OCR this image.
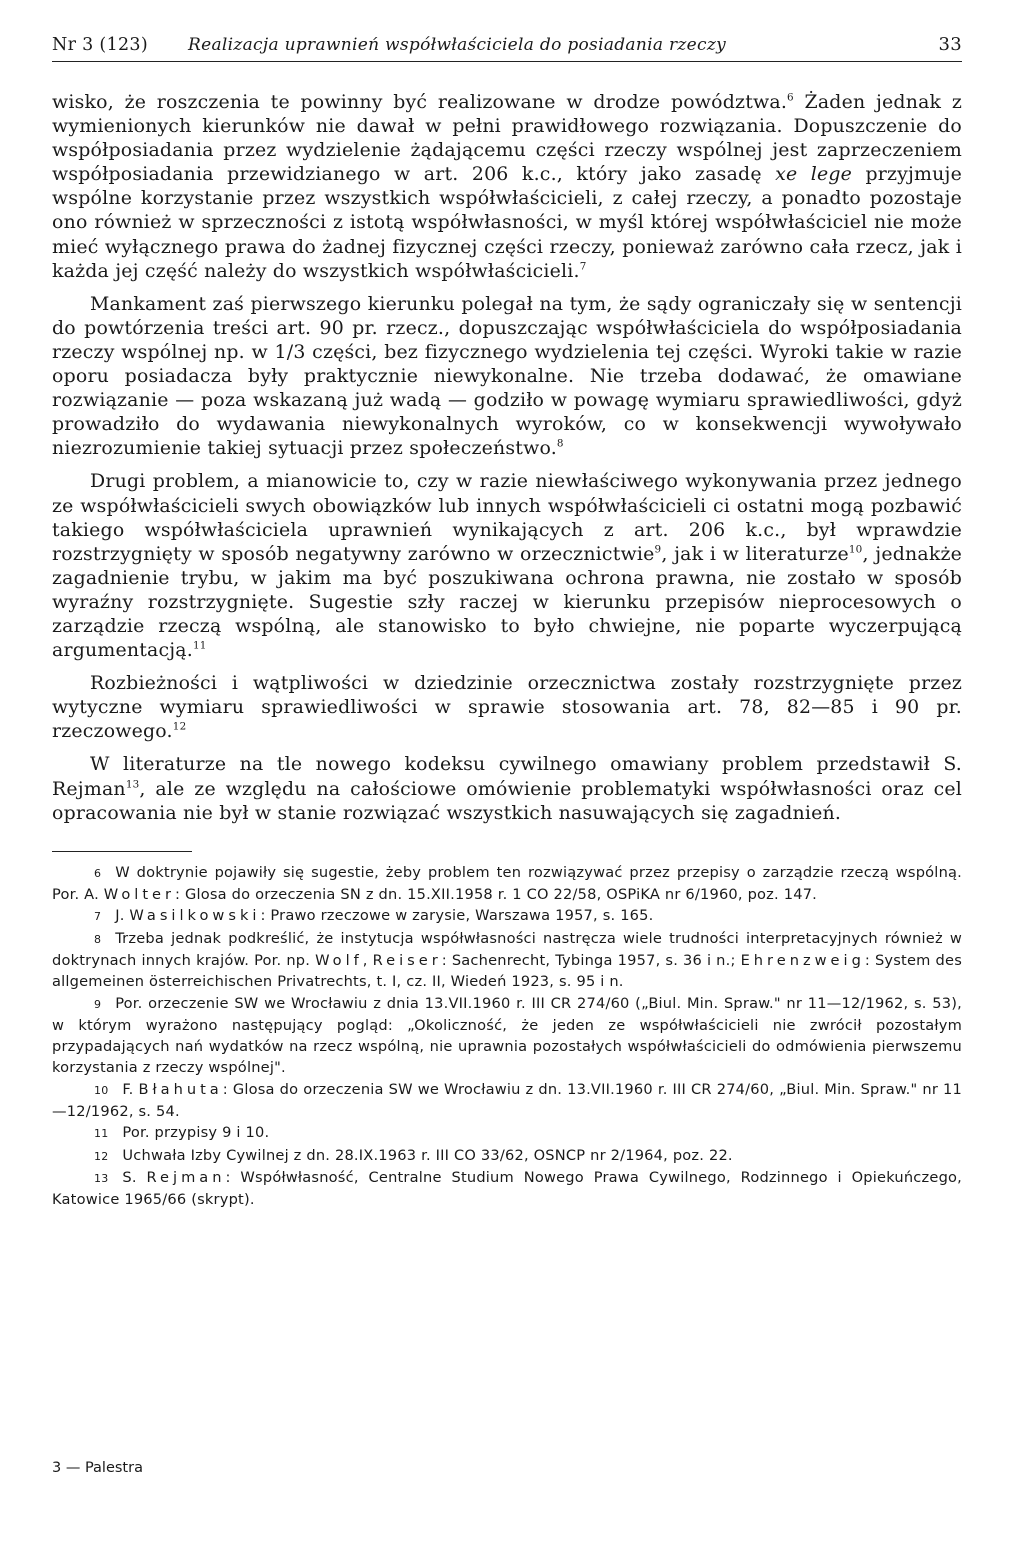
Nr 3 (123) Realizacja uprawnień współwłaściciela do posiadania rzeczy	33

wisko, że roszczenia te powinny być realizowane w drodze powództwa.$^6$ Żaden jednak z wymienionych kierunków nie dawał w pełni prawidłowego rozwiązania. Dopuszczenie do współposiadania przez wydzielenie żądającemu części rzeczy wspólnej jest zaprzeczeniem współposiadania przewidzianego w art. 206 k.c., który jako zasadę xe lege przyjmuje wspólne korzystanie przez wszystkich współwłaścicieli, z całej rzeczy, a ponadto pozostaje ono również w sprzeczności z istotą współwłasności, w myśl której współwłaściciel nie może mieć wyłącznego prawa do żadnej fizycznej części rzeczy, ponieważ zarówno cała rzecz, jak i każda jej część należy do wszystkich współwłaścicieli.$^7$

Mankament zaś pierwszego kierunku polegał na tym, że sądy ograniczały się w sentencji do powtórzenia treści art. 90 pr. rzecz., dopuszczając współwłaściciela do współposiadania rzeczy wspólnej np. w 1/3 części, bez fizycznego wydzielenia tej części. Wyroki takie w razie oporu posiadacza były praktycznie niewykonalne. Nie trzeba dodawać, że omawiane rozwiązanie — poza wskazaną już wadą — godziło w powagę wymiaru sprawiedliwości, gdyż prowadziło do wydawania niewykonalnych wyroków, co w konsekwencji wywoływało niezrozumienie takiej sytuacji przez społeczeństwo.$^8$

Drugi problem, a mianowicie to, czy w razie niewłaściwego wykonywania przez jednego ze współwłaścicieli swych obowiązków lub innych współwłaścicieli ci ostatni mogą pozbawić takiego współwłaściciela uprawnień wynikających z art. 206 k.c., był wprawdzie rozstrzygnięty w sposób negatywny zarówno w orzecznictwie$^9$, jak i w literaturze$^{10}$, jednakże zagadnienie trybu, w jakim ma być poszukiwana ochrona prawna, nie zostało w sposób wyraźny rozstrzygnięte. Sugestie szły raczej w kierunku przepisów nieprocesowych o zarządzie rzeczą wspólną, ale stanowisko to było chwiejne, nie poparte wyczerpującą argumentacją.$^{11}$

Rozbieżności i wątpliwości w dziedzinie orzecznictwa zostały rozstrzygnięte przez wytyczne wymiaru sprawiedliwości w sprawie stosowania art. 78, 82—85 i 90 pr. rzeczowego.$^{12}$

W literaturze na tle nowego kodeksu cywilnego omawiany problem przedstawił S. Rejman$^{13}$, ale ze względu na całościowe omówienie problematyki współwłasności oraz cel opracowania nie był w stanie rozwiązać wszystkich nasuwających się zagadnień.

6 W doktrynie pojawiły się sugestie, żeby problem ten rozwiązywać przez przepisy o zarządzie rzeczą wspólną. Por. A. Wolter: Glosa do orzeczenia SN z dn. 15.XII.1958 r. 1 CO 22/58, OSPiKA nr 6/1960, poz. 147.

7 J. Wasilkowski: Prawo rzeczowe w zarysie, Warszawa 1957, s. 165.

8 Trzeba jednak podkreślić, że instytucja współwłasności nastręcza wiele trudności interpretacyjnych również w doktrynach innych krajów. Por. np. Wolf, Reiser: Sachenrecht, Tybinga 1957, s. 36 i n.; Ehrenzweig: System des allgemeinen österreichischen Privatrechts, t. I, cz. II, Wiedeń 1923, s. 95 i n.

9 Por. orzeczenie SW we Wrocławiu z dnia 13.VII.1960 r. III CR 274/60 („Biul. Min. Spraw." nr 11—12/1962, s. 53), w którym wyrażono następujący pogląd: „Okoliczność, że jeden ze współwłaścicieli nie zwrócił pozostałym przypadających nań wydatków na rzecz wspólną, nie uprawnia pozostałych współwłaścicieli do odmówienia pierwszemu korzystania z rzeczy wspólnej".

10 F. Błahuta: Glosa do orzeczenia SW we Wrocławiu z dn. 13.VII.1960 r. III CR 274/60, „Biul. Min. Spraw." nr 11—12/1962, s. 54.

11 Por. przypisy 9 i 10.

12 Uchwała Izby Cywilnej z dn. 28.IX.1963 r. III CO 33/62, OSNCP nr 2/1964, poz. 22.

13 S. Rejman: Współwłasność, Centralne Studium Nowego Prawa Cywilnego, Rodzinnego i Opiekuńczego, Katowice 1965/66 (skrypt).

3 — Palestra
